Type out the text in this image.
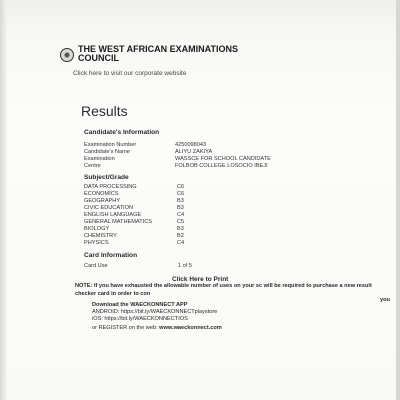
THE WEST AFRICAN EXAMINATIONS COUNCIL
Click here to visit our corporate website
Results
Candidate's Information
Examination Number	4250098043
Candidate's Name	ALIYU ZAKIYA
Examination	WASSCE FOR SCHOOL CANDIDATE
Centre	FOLBOB COLLEGE LOSOCIO IBEJI
Subject/Grade
DATA PROCESSING	C6
ECONOMICS	C6
GEOGRAPHY	B3
CIVIC EDUCATION	B3
ENGLISH LANGUAGE	C4
GENERAL MATHEMATICS	C5
BIOLOGY	B3
CHEMISTRY	B2
PHYSICS	C4
Card Information
Card Use	1 of 5
Click Here to Print
NOTE: If you have exhausted the allowable number of uses on your sc will be required to purchase a new result checker card in order to con
you
Download the WAECKONNECT APP
ANDROID: https://bit.ly/WAECKONNECTplaystore
iOS: https://bit.ly/WAECKONNECTIOS
or REGISTER on the web: www.waeckonnect.com
